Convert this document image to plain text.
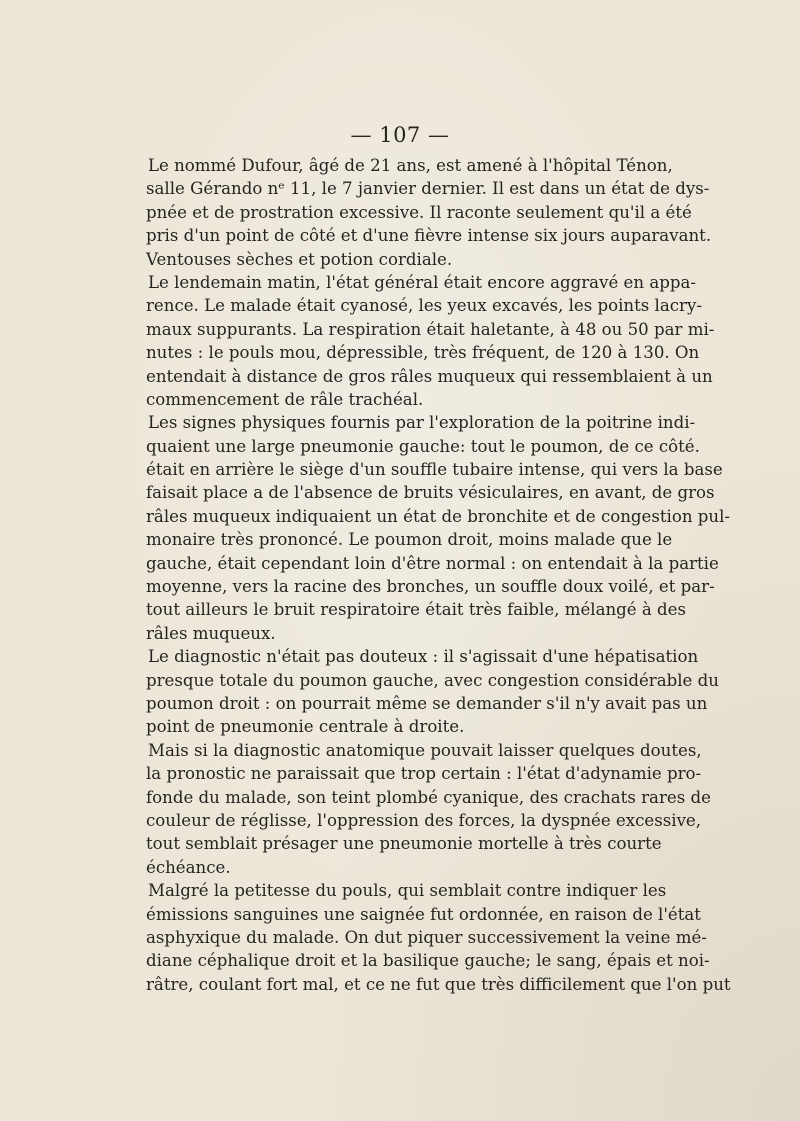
— 107 —
Le nommé Dufour, âgé de 21 ans, est amené à l'hôpital Ténon,
salle Gérando nᵉ 11, le 7 janvier dernier. Il est dans un état de dys-
pnée et de prostration excessive. Il raconte seulement qu'il a été
pris d'un point de côté et d'une fièvre intense six jours auparavant.
Ventouses sèches et potion cordiale.
Le lendemain matin, l'état général était encore aggravé en appa-
rence. Le malade était cyanosé, les yeux excavés, les points lacry-
maux suppurants. La respiration était haletante, à 48 ou 50 par mi-
nutes : le pouls mou, dépressible, très fréquent, de 120 à 130. On
entendait à distance de gros râles muqueux qui ressemblaient à un
commencement de râle trachéal.
Les signes physiques fournis par l'exploration de la poitrine indi-
quaient une large pneumonie gauche: tout le poumon, de ce côté.
était en arrière le siège d'un souffle tubaire intense, qui vers la base
faisait place a de l'absence de bruits vésiculaires, en avant, de gros
râles muqueux indiquaient un état de bronchite et de congestion pul-
monaire très prononcé. Le poumon droit, moins malade que le
gauche, était cependant loin d'être normal : on entendait à la partie
moyenne, vers la racine des bronches, un souffle doux voilé, et par-
tout ailleurs le bruit respiratoire était très faible, mélangé à des
râles muqueux.
Le diagnostic n'était pas douteux : il s'agissait d'une hépatisation
presque totale du poumon gauche, avec congestion considérable du
poumon droit : on pourrait même se demander s'il n'y avait pas un
point de pneumonie centrale à droite.
Mais si la diagnostic anatomique pouvait laisser quelques doutes,
la pronostic ne paraissait que trop certain : l'état d'adynamie pro-
fonde du malade, son teint plombé cyanique, des crachats rares de
couleur de réglisse, l'oppression des forces, la dyspnée excessive,
tout semblait présager une pneumonie mortelle à très courte
échéance.
Malgré la petitesse du pouls, qui semblait contre indiquer les
émissions sanguines une saignée fut ordonnée, en raison de l'état
asphyxique du malade. On dut piquer successivement la veine mé-
diane céphalique droit et la basilique gauche; le sang, épais et noi-
râtre, coulant fort mal, et ce ne fut que très difficilement que l'on put
